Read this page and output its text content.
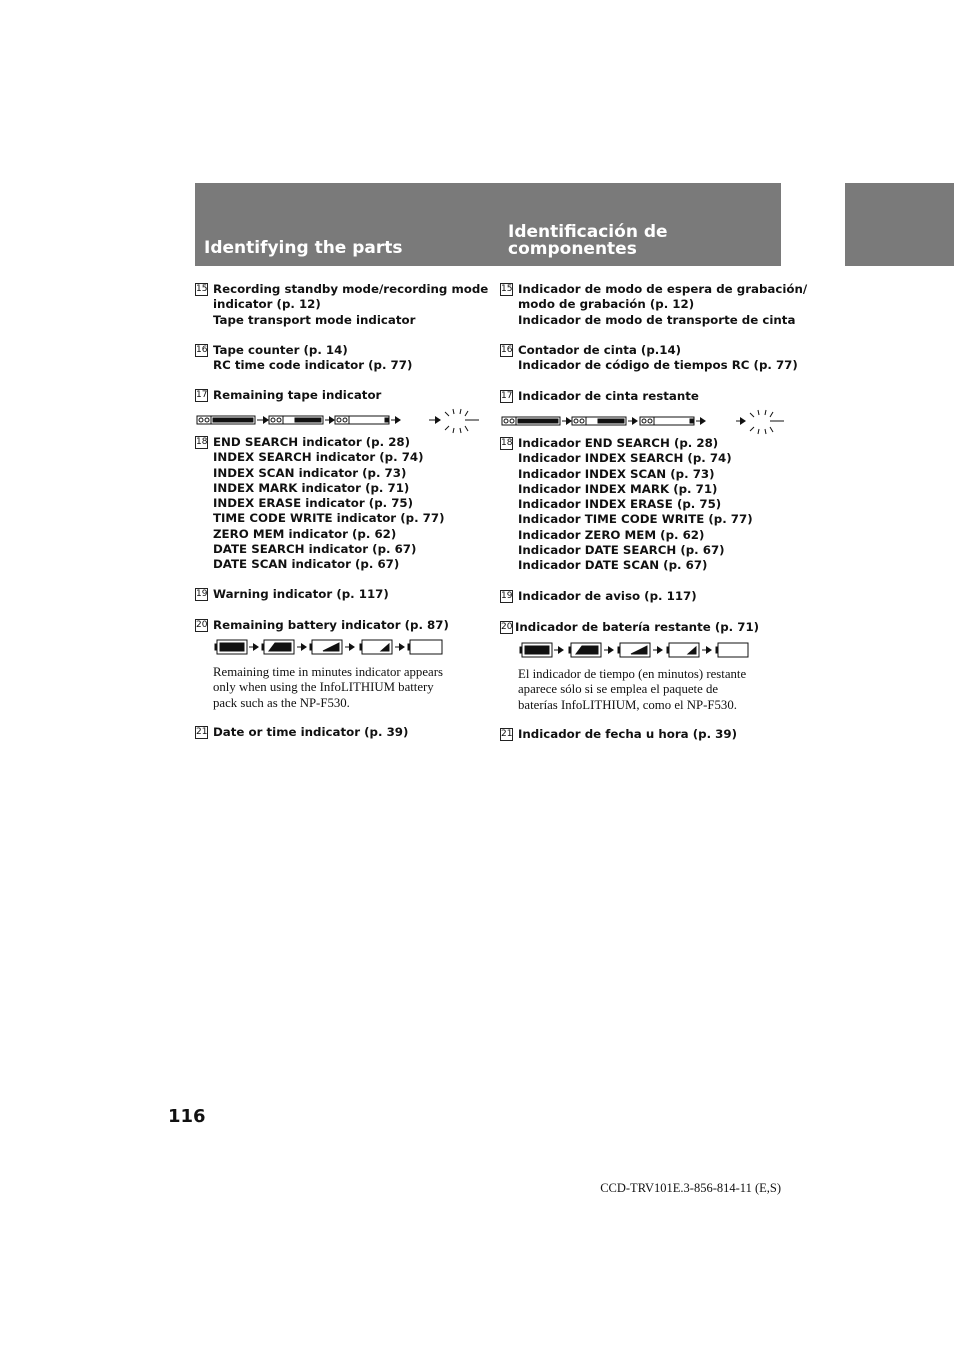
Identifying the parts
Identificación de
componentes
15 Recording standby mode/recording mode
indicator (p. 12)
Tape transport mode indicator
16 Tape counter (p. 14)
RC time code indicator (p. 77)
17 Remaining tape indicator
18 END SEARCH indicator (p. 28)
INDEX SEARCH indicator (p. 74)
INDEX SCAN indicator (p. 73)
INDEX MARK indicator (p. 71)
INDEX ERASE indicator (p. 75)
TIME CODE WRITE indicator (p. 77)
ZERO MEM indicator (p. 62)
DATE SEARCH indicator (p. 67)
DATE SCAN indicator (p. 67)
19 Warning indicator (p. 117)
20 Remaining battery indicator (p. 87)
Remaining time in minutes indicator appears
only when using the InfoLITHIUM battery
pack such as the NP-F530.
21 Date or time indicator (p. 39)
15 Indicador de modo de espera de grabación/
modo de grabación (p. 12)
Indicador de modo de transporte de cinta
16 Contador de cinta (p.14)
Indicador de código de tiempos RC (p. 77)
17 Indicador de cinta restante
18 Indicador END SEARCH (p. 28)
Indicador INDEX SEARCH (p. 74)
Indicador INDEX SCAN (p. 73)
Indicador INDEX MARK (p. 71)
Indicador INDEX ERASE (p. 75)
Indicador TIME CODE WRITE (p. 77)
Indicador ZERO MEM (p. 62)
Indicador DATE SEARCH (p. 67)
Indicador DATE SCAN (p. 67)
19 Indicador de aviso (p. 117)
20 Indicador de batería restante (p. 71)
El indicador de tiempo (en minutos) restante
aparece sólo si se emplea el paquete de
baterías InfoLITHIUM, como el NP-F530.
21 Indicador de fecha u hora (p. 39)
116
CCD-TRV101E.3-856-814-11 (E,S)
